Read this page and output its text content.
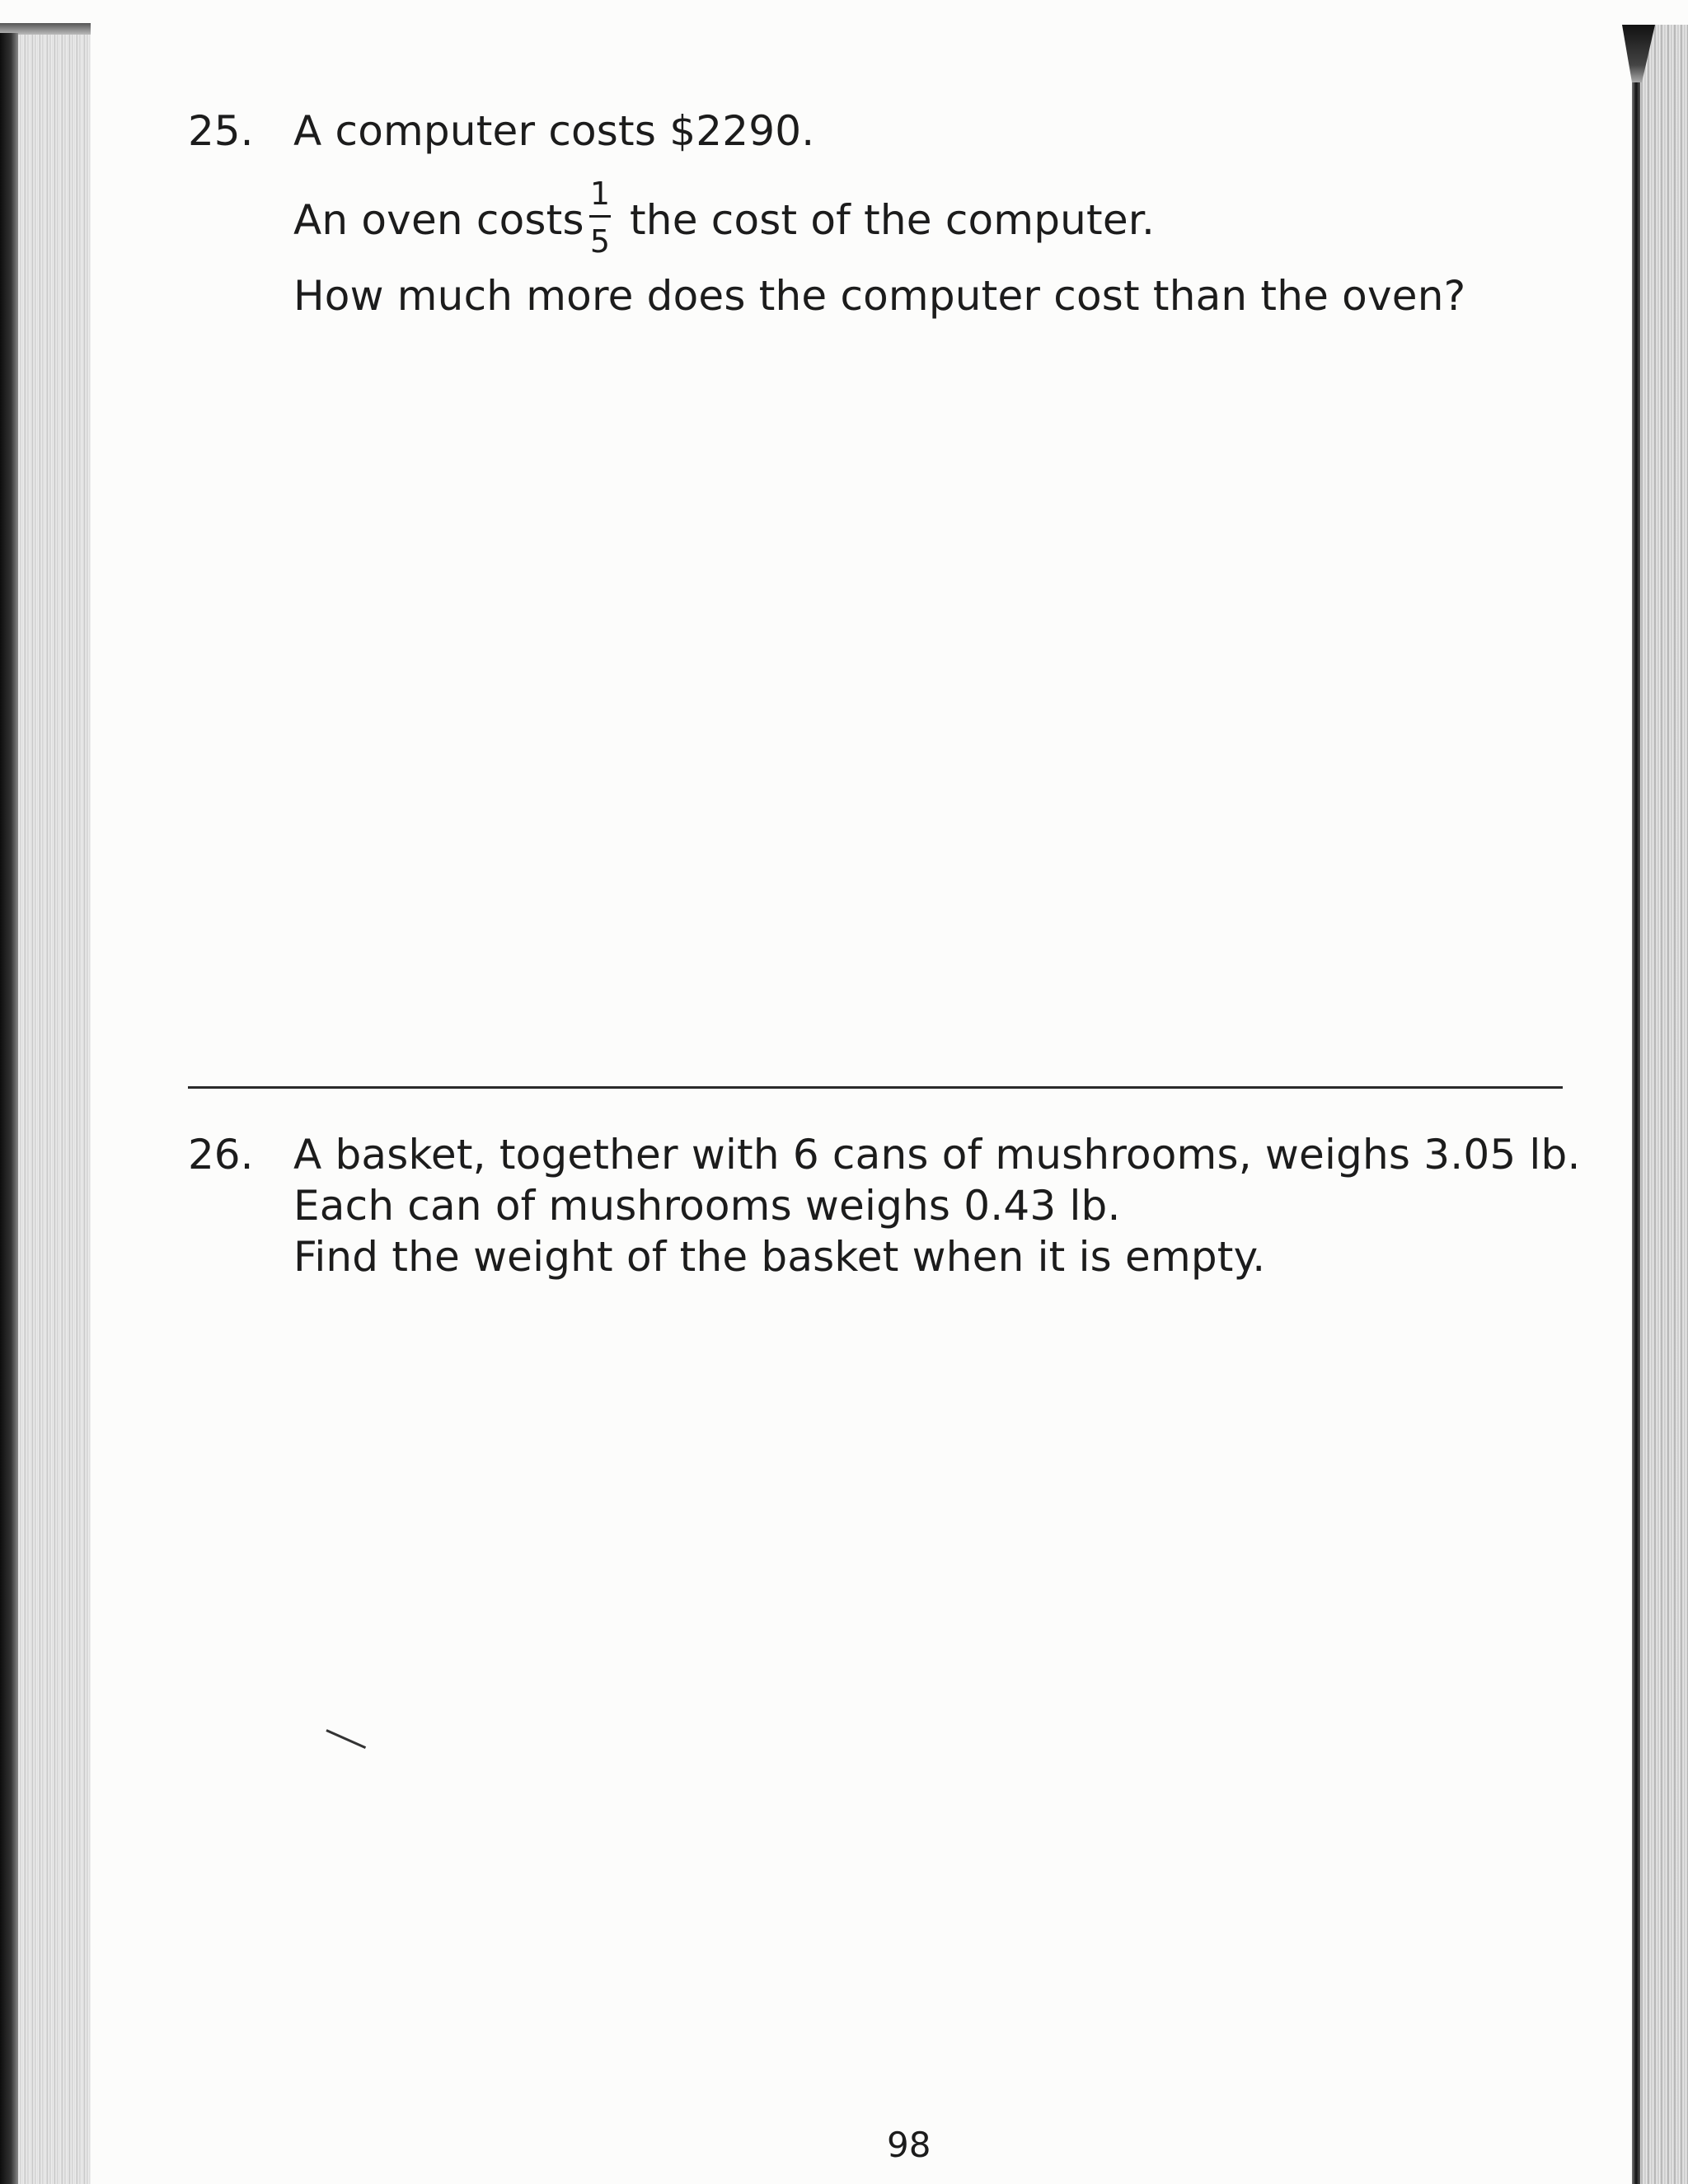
25. A computer costs $2290.
An oven costs
1
5 the cost of the computer.
How much more does the computer cost than the oven?
26. A basket, together with 6 cans of mushrooms, weighs 3.05 lb.
Each can of mushrooms weighs 0.43 lb.
Find the weight of the basket when it is empty.
98
